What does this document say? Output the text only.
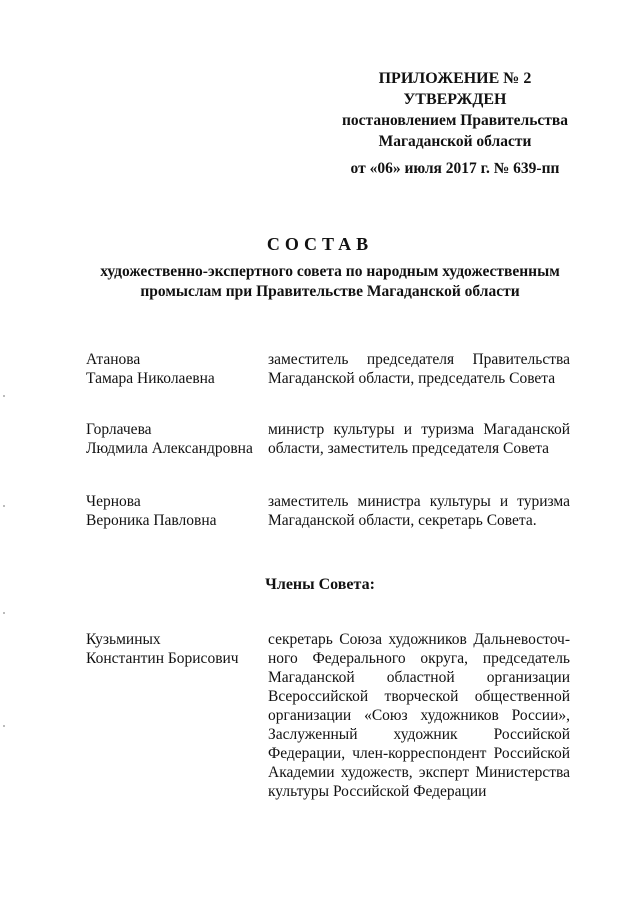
ПРИЛОЖЕНИЕ № 2
УТВЕРЖДЕН
постановлением Правительства
Магаданской области
от «06» июля 2017 г. № 639-пп
СОСТАВ
художественно-экспертного совета по народным художественным
промыслам при Правительстве Магаданской области
Атанова
Тамара Николаевна
заместитель председателя Правительства Магаданской области, председатель Совета
Горлачева
Людмила Александровна
министр культуры и туризма Магаданской области, заместитель председателя Совета
Чернова
Вероника Павловна
заместитель министра культуры и туризма Магаданской области, секретарь Совета.
Члены Совета:
Кузьминых
Константин Борисович
секретарь Союза художников Дальневосточ-ного Федерального округа, председатель Магаданской областной организации Всероссийской творческой общественной организации «Союз художников России», Заслуженный художник Российской Федерации, член-корреспондент Российской Академии художеств, эксперт Министерства культуры Российской Федерации
